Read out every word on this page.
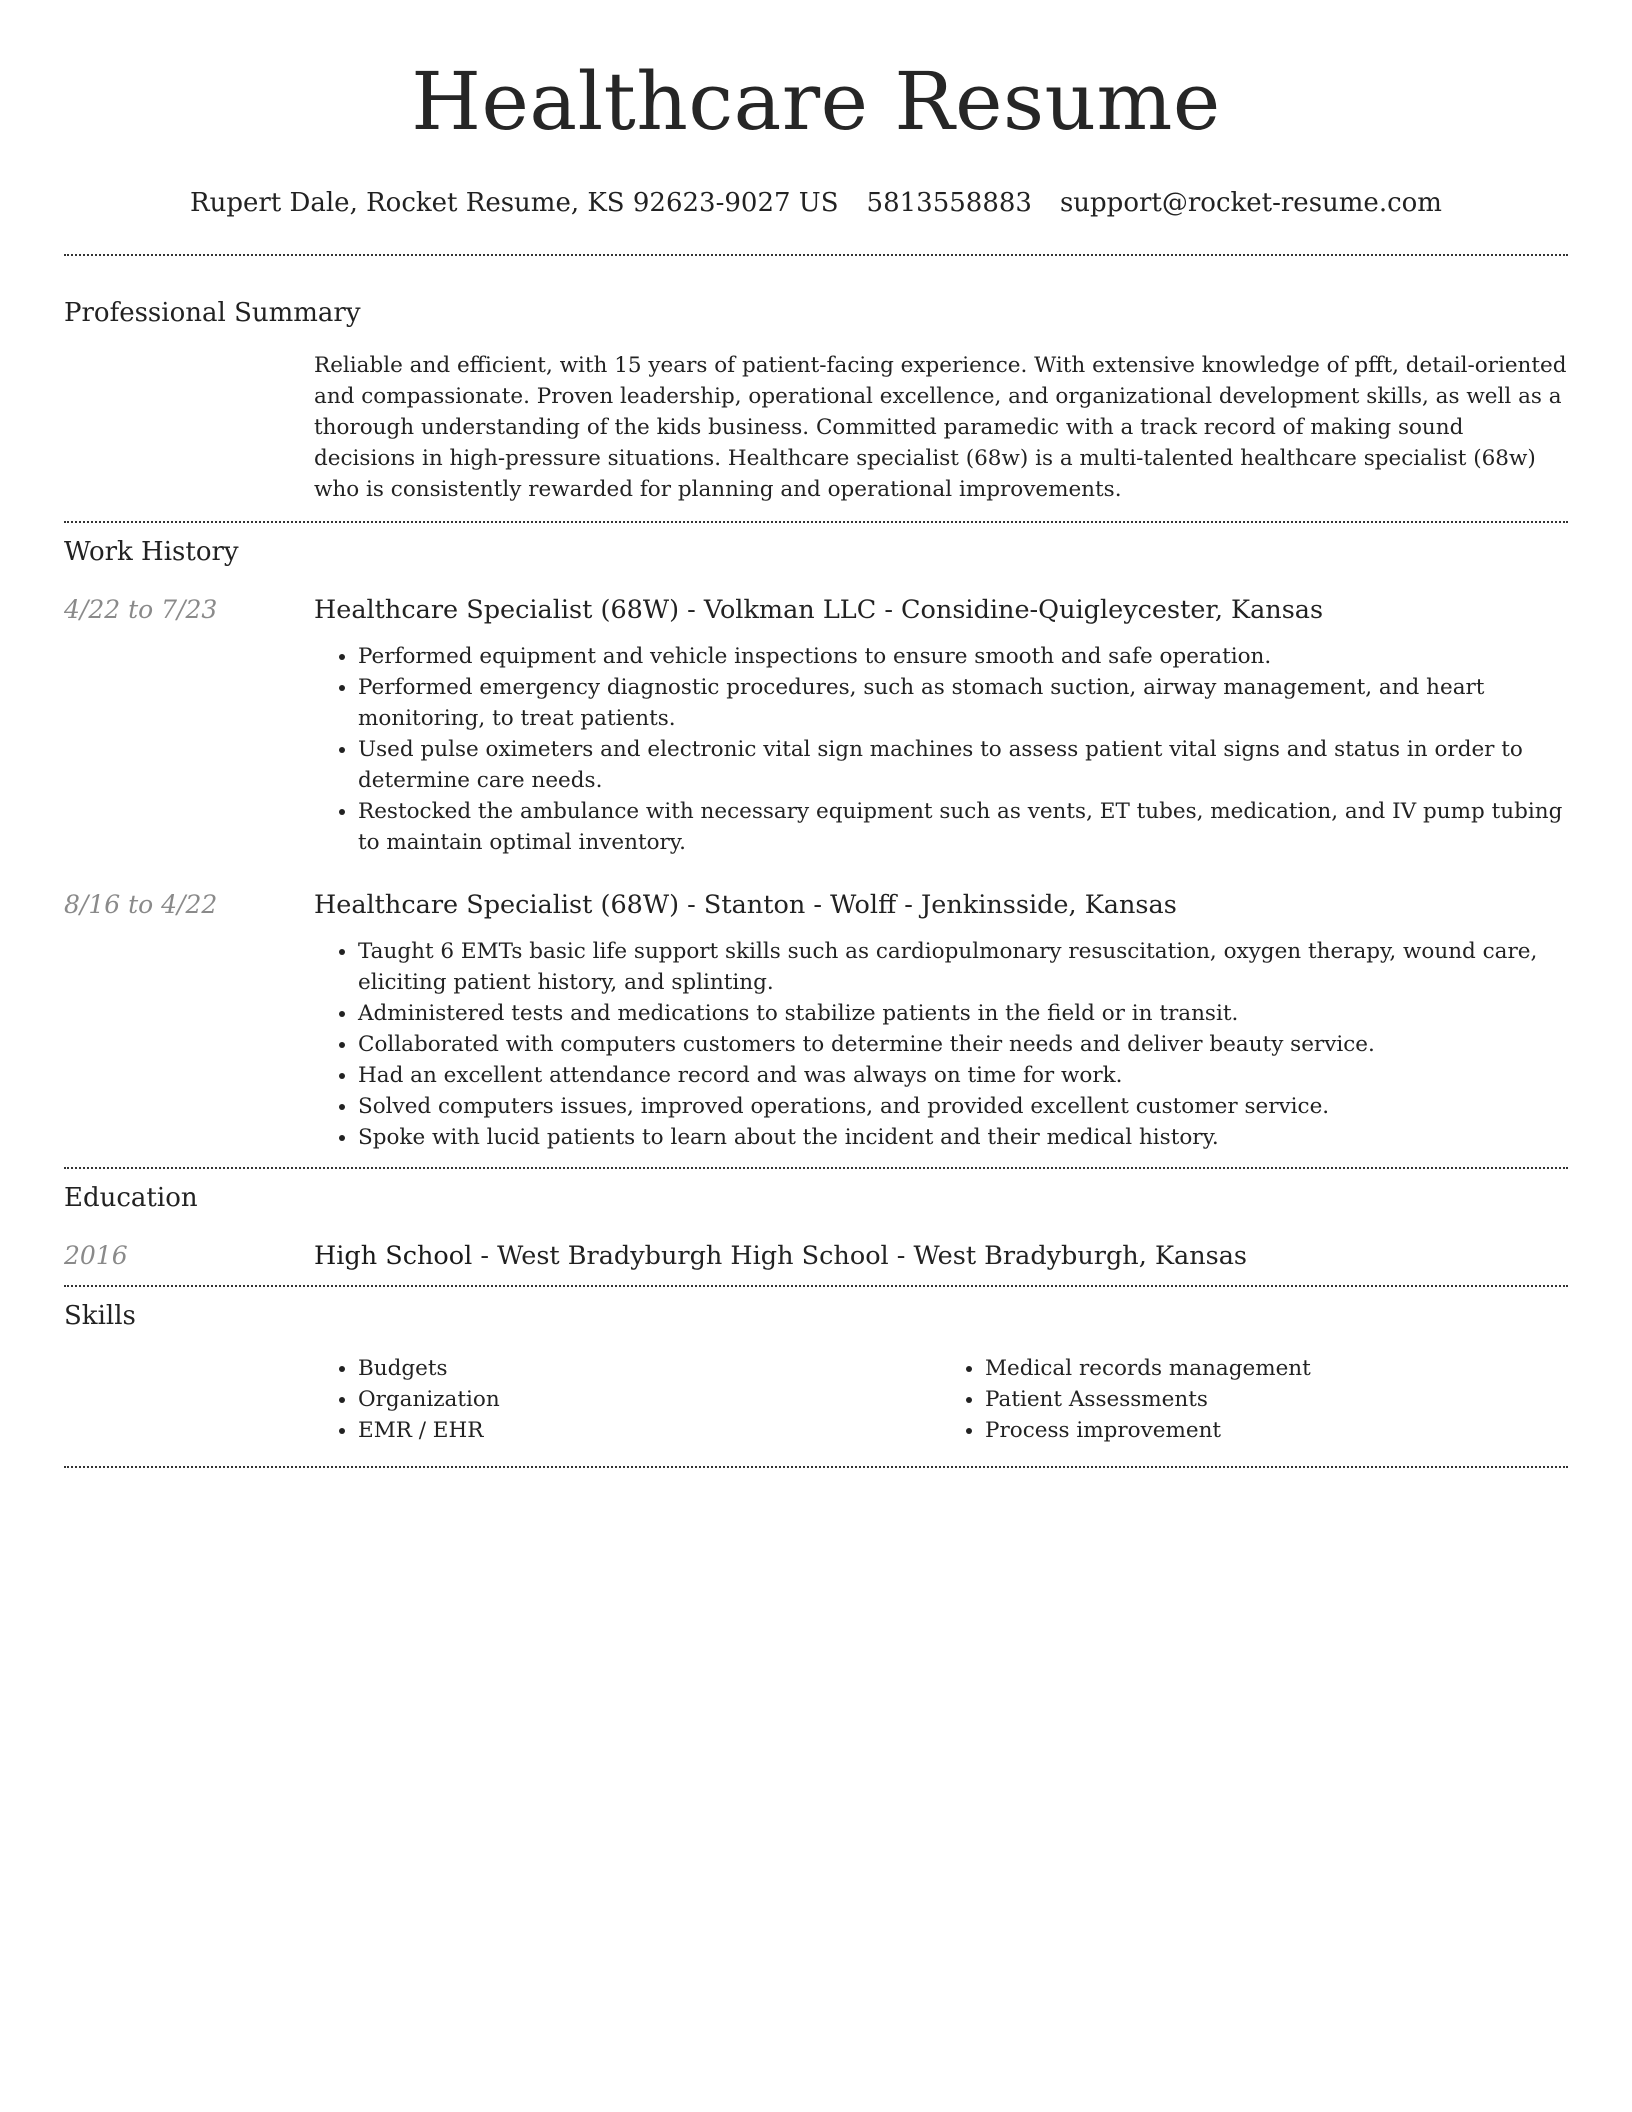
Healthcare Resume
Rupert Dale, Rocket Resume, KS 92623-9027 US 5813558883 support@rocket-resume.com
Professional Summary
Reliable and efficient, with 15 years of patient-facing experience. With extensive knowledge of pfft, detail-oriented and compassionate. Proven leadership, operational excellence, and organizational development skills, as well as a thorough understanding of the kids business. Committed paramedic with a track record of making sound decisions in high-pressure situations. Healthcare specialist (68w) is a multi-talented healthcare specialist (68w) who is consistently rewarded for planning and operational improvements.
Work History
4/22 to 7/23	Healthcare Specialist (68W) - Volkman LLC - Considine-Quigleycester, Kansas
• Performed equipment and vehicle inspections to ensure smooth and safe operation.
• Performed emergency diagnostic procedures, such as stomach suction, airway management, and heart monitoring, to treat patients.
• Used pulse oximeters and electronic vital sign machines to assess patient vital signs and status in order to determine care needs.
• Restocked the ambulance with necessary equipment such as vents, ET tubes, medication, and IV pump tubing to maintain optimal inventory.
8/16 to 4/22	Healthcare Specialist (68W) - Stanton - Wolff - Jenkinsside, Kansas
• Taught 6 EMTs basic life support skills such as cardiopulmonary resuscitation, oxygen therapy, wound care, eliciting patient history, and splinting.
• Administered tests and medications to stabilize patients in the field or in transit.
• Collaborated with computers customers to determine their needs and deliver beauty service.
• Had an excellent attendance record and was always on time for work.
• Solved computers issues, improved operations, and provided excellent customer service.
• Spoke with lucid patients to learn about the incident and their medical history.
Education
2016	High School - West Bradyburgh High School - West Bradyburgh, Kansas
Skills
• Budgets
• Organization
• EMR / EHR
• Medical records management
• Patient Assessments
• Process improvement
